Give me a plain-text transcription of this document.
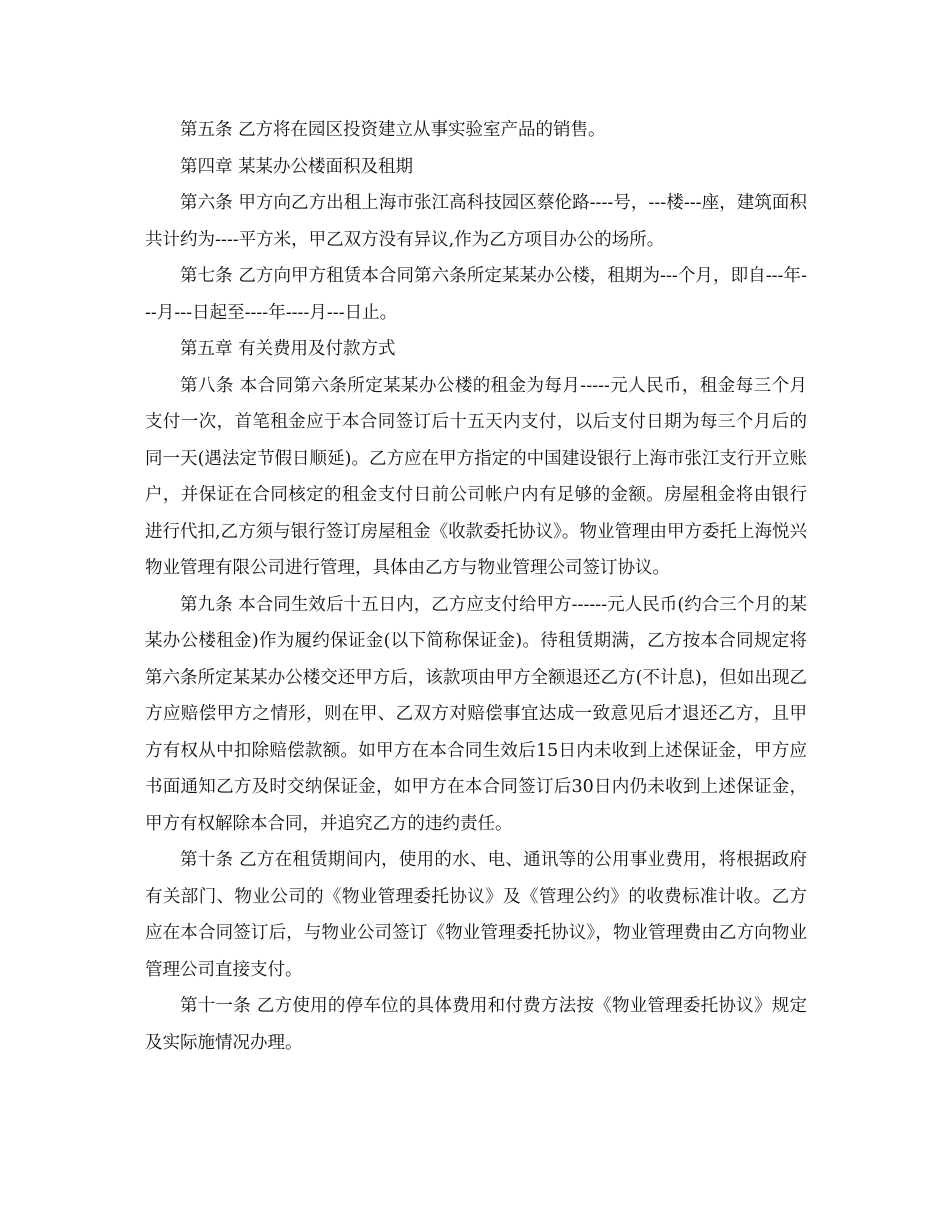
第五条 乙方将在园区投资建立从事实验室产品的销售。

第四章 某某办公楼面积及租期

第六条 甲方向乙方出租上海市张江高科技园区蔡伦路----号，---楼---座，建筑面积共计约为----平方米，甲乙双方没有异议,作为乙方项目办公的场所。

第七条 乙方向甲方租赁本合同第六条所定某某办公楼，租期为---个月，即自---年---月---日起至----年----月---日止。

第五章 有关费用及付款方式

第八条 本合同第六条所定某某办公楼的租金为每月-----元人民币，租金每三个月支付一次，首笔租金应于本合同签订后十五天内支付，以后支付日期为每三个月后的同一天(遇法定节假日顺延)。乙方应在甲方指定的中国建设银行上海市张江支行开立账户，并保证在合同核定的租金支付日前公司帐户内有足够的金额。房屋租金将由银行进行代扣,乙方须与银行签订房屋租金《收款委托协议》。物业管理由甲方委托上海悦兴物业管理有限公司进行管理，具体由乙方与物业管理公司签订协议。

第九条 本合同生效后十五日内，乙方应支付给甲方------元人民币(约合三个月的某某办公楼租金)作为履约保证金(以下简称保证金)。待租赁期满，乙方按本合同规定将第六条所定某某办公楼交还甲方后，该款项由甲方全额退还乙方(不计息)，但如出现乙方应赔偿甲方之情形，则在甲、乙双方对赔偿事宜达成一致意见后才退还乙方，且甲方有权从中扣除赔偿款额。如甲方在本合同生效后15日内未收到上述保证金，甲方应书面通知乙方及时交纳保证金，如甲方在本合同签订后30日内仍未收到上述保证金，甲方有权解除本合同，并追究乙方的违约责任。

第十条 乙方在租赁期间内，使用的水、电、通讯等的公用事业费用，将根据政府有关部门、物业公司的《物业管理委托协议》及《管理公约》的收费标准计收。乙方应在本合同签订后，与物业公司签订《物业管理委托协议》，物业管理费由乙方向物业管理公司直接支付。

第十一条 乙方使用的停车位的具体费用和付费方法按《物业管理委托协议》规定及实际施情况办理。
